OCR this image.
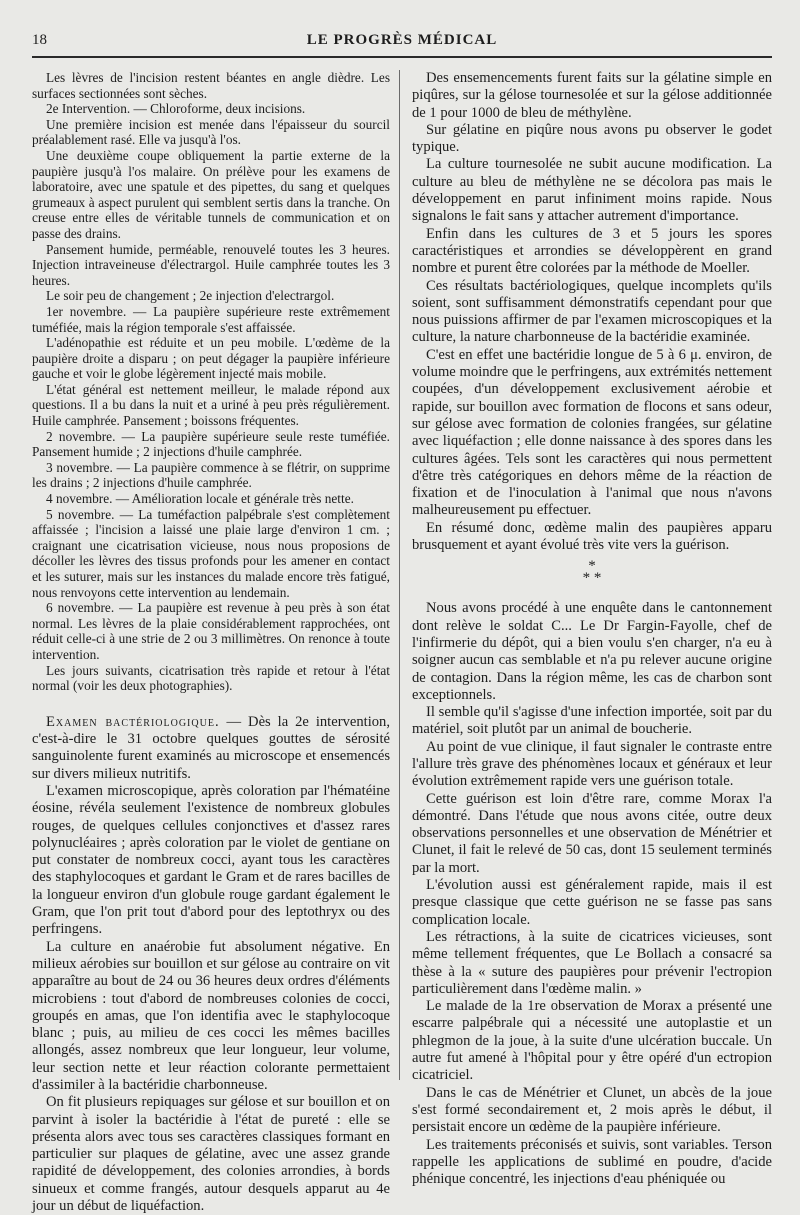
18	LE PROGRÈS MÉDICAL

Les lèvres de l'incision restent béantes en angle dièdre. Les surfaces sectionnées sont sèches.

2e Intervention. — Chloroforme, deux incisions.

Une première incision est menée dans l'épaisseur du sourcil préalablement rasé. Elle va jusqu'à l'os.

Une deuxième coupe obliquement la partie externe de la paupière jusqu'à l'os malaire. On prélève pour les examens de laboratoire, avec une spatule et des pipettes, du sang et quelques grumeaux à aspect purulent qui semblent sertis dans la tranche. On creuse entre elles de véritable tunnels de communication et on passe des drains.

Pansement humide, perméable, renouvelé toutes les 3 heures. Injection intraveineuse d'électrargol. Huile camphrée toutes les 3 heures.

Le soir peu de changement ; 2e injection d'electrargol.

1er novembre. — La paupière supérieure reste extrêmement tuméfiée, mais la région temporale s'est affaissée.

L'adénopathie est réduite et un peu mobile. L'œdème de la paupière droite a disparu ; on peut dégager la paupière inférieure gauche et voir le globe légèrement injecté mais mobile.

L'état général est nettement meilleur, le malade répond aux questions. Il a bu dans la nuit et a uriné à peu près régulièrement. Huile camphrée. Pansement ; boissons fréquentes.

2 novembre. — La paupière supérieure seule reste tuméfiée. Pansement humide ; 2 injections d'huile camphrée.

3 novembre. — La paupière commence à se flétrir, on supprime les drains ; 2 injections d'huile camphrée.

4 novembre. — Amélioration locale et générale très nette.

5 novembre. — La tuméfaction palpébrale s'est complètement affaissée ; l'incision a laissé une plaie large d'environ 1 cm. ; craignant une cicatrisation vicieuse, nous nous proposions de décoller les lèvres des tissus profonds pour les amener en contact et les suturer, mais sur les instances du malade encore très fatigué, nous renvoyons cette intervention au lendemain.

6 novembre. — La paupière est revenue à peu près à son état normal. Les lèvres de la plaie considérablement rapprochées, ont réduit celle-ci à une strie de 2 ou 3 millimètres. On renonce à toute intervention.

Les jours suivants, cicatrisation très rapide et retour à l'état normal (voir les deux photographies).

Examen bactériologique. — Dès la 2e intervention, c'est-à-dire le 31 octobre quelques gouttes de sérosité sanguinolente furent examinés au microscope et ensemencés sur divers milieux nutritifs.

L'examen microscopique, après coloration par l'hématéine éosine, révéla seulement l'existence de nombreux globules rouges, de quelques cellules conjonctives et d'assez rares polynucléaires ; après coloration par le violet de gentiane on put constater de nombreux cocci, ayant tous les caractères des staphylocoques et gardant le Gram et de rares bacilles de la longueur environ d'un globule rouge gardant également le Gram, que l'on prit tout d'abord pour des leptothryx ou des perfringens.

La culture en anaérobie fut absolument négative. En milieux aérobies sur bouillon et sur gélose au contraire on vit apparaître au bout de 24 ou 36 heures deux ordres d'éléments microbiens : tout d'abord de nombreuses colonies de cocci, groupés en amas, que l'on identifia avec le staphylocoque blanc ; puis, au milieu de ces cocci les mêmes bacilles allongés, assez nombreux que leur longueur, leur volume, leur section nette et leur réaction colorante permettaient d'assimiler à la bactéridie charbonneuse.

On fit plusieurs repiquages sur gélose et sur bouillon et on parvint à isoler la bactéridie à l'état de pureté : elle se présenta alors avec tous ses caractères classiques formant en particulier sur plaques de gélatine, avec une assez grande rapidité de développement, des colonies arrondies, à bords sinueux et comme frangés, autour desquels apparut au 4e jour un début de liquéfaction.

Des ensemencements furent faits sur la gélatine simple en piqûres, sur la gélose tournesolée et sur la gélose additionnée de 1 pour 1000 de bleu de méthylène.

Sur gélatine en piqûre nous avons pu observer le godet typique.

La culture tournesolée ne subit aucune modification. La culture au bleu de méthylène ne se décolora pas mais le développement en parut infiniment moins rapide. Nous signalons le fait sans y attacher autrement d'importance.

Enfin dans les cultures de 3 et 5 jours les spores caractéristiques et arrondies se développèrent en grand nombre et purent être colorées par la méthode de Moeller.

Ces résultats bactériologiques, quelque incomplets qu'ils soient, sont suffisamment démonstratifs cependant pour que nous puissions affirmer de par l'examen microscopiques et la culture, la nature charbonneuse de la bactéridie examinée.

C'est en effet une bactéridie longue de 5 à 6 μ. environ, de volume moindre que le perfringens, aux extrémités nettement coupées, d'un développement exclusivement aérobie et rapide, sur bouillon avec formation de flocons et sans odeur, sur gélose avec formation de colonies frangées, sur gélatine avec liquéfaction ; elle donne naissance à des spores dans les cultures âgées. Tels sont les caractères qui nous permettent d'être très catégoriques en dehors même de la réaction de fixation et de l'inoculation à l'animal que nous n'avons malheureusement pu effectuer.

En résumé donc, œdème malin des paupières apparu brusquement et ayant évolué très vite vers la guérison.

*
* *

Nous avons procédé à une enquête dans le cantonnement dont relève le soldat C... Le Dr Fargin-Fayolle, chef de l'infirmerie du dépôt, qui a bien voulu s'en charger, n'a eu à soigner aucun cas semblable et n'a pu relever aucune origine de contagion. Dans la région même, les cas de charbon sont exceptionnels.

Il semble qu'il s'agisse d'une infection importée, soit par du matériel, soit plutôt par un animal de boucherie.

Au point de vue clinique, il faut signaler le contraste entre l'allure très grave des phénomènes locaux et généraux et leur évolution extrêmement rapide vers une guérison totale.

Cette guérison est loin d'être rare, comme Morax l'a démontré. Dans l'étude que nous avons citée, outre deux observations personnelles et une observation de Ménétrier et Clunet, il fait le relevé de 50 cas, dont 15 seulement terminés par la mort.

L'évolution aussi est généralement rapide, mais il est presque classique que cette guérison ne se fasse pas sans complication locale.

Les rétractions, à la suite de cicatrices vicieuses, sont même tellement fréquentes, que Le Bollach a consacré sa thèse à la « suture des paupières pour prévenir l'ectropion particulièrement dans l'œdème malin. »

Le malade de la 1re observation de Morax a présenté une escarre palpébrale qui a nécessité une autoplastie et un phlegmon de la joue, à la suite d'une ulcération buccale. Un autre fut amené à l'hôpital pour y être opéré d'un ectropion cicatriciel.

Dans le cas de Ménétrier et Clunet, un abcès de la joue s'est formé secondairement et, 2 mois après le début, il persistait encore un œdème de la paupière inférieure.

Les traitements préconisés et suivis, sont variables. Terson rappelle les applications de sublimé en poudre, d'acide phénique concentré, les injections d'eau phéniquée ou
